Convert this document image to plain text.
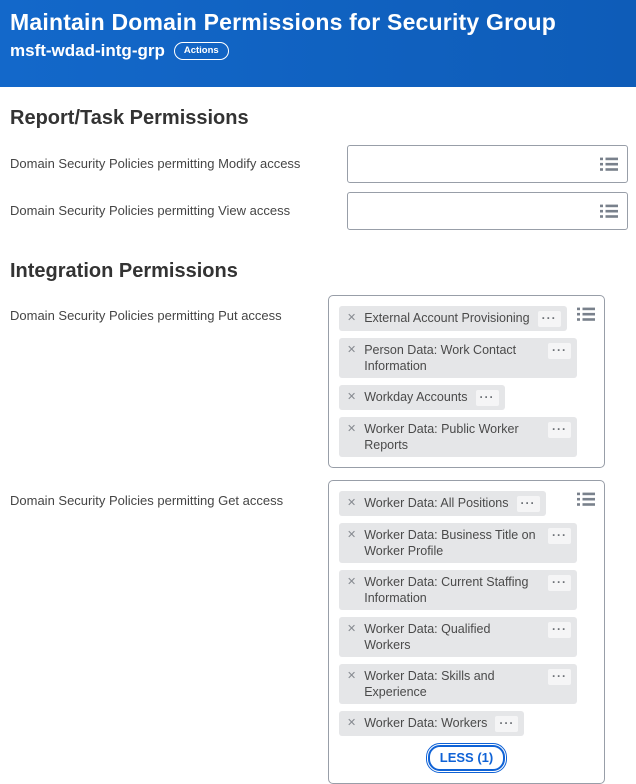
Maintain Domain Permissions for Security Group
msft-wdad-intg-grp	Actions
Report/Task Permissions
Domain Security Policies permitting Modify access
Domain Security Policies permitting View access
Integration Permissions
Domain Security Policies permitting Put access	✕ External Account Provisioning	···
✕ Person Data: Work Contact Information
···
✕ Workday Accounts	···
✕ Worker Data: Public Worker Reports
···
Domain Security Policies permitting Get access	✕ Worker Data: All Positions	···
✕ Worker Data: Business Title on Worker Profile
···
✕ Worker Data: Current Staffing Information
···
✕ Worker Data: Qualified Workers
···
✕ Worker Data: Skills and Experience
···
✕ Worker Data: Workers	···
LESS (1)
